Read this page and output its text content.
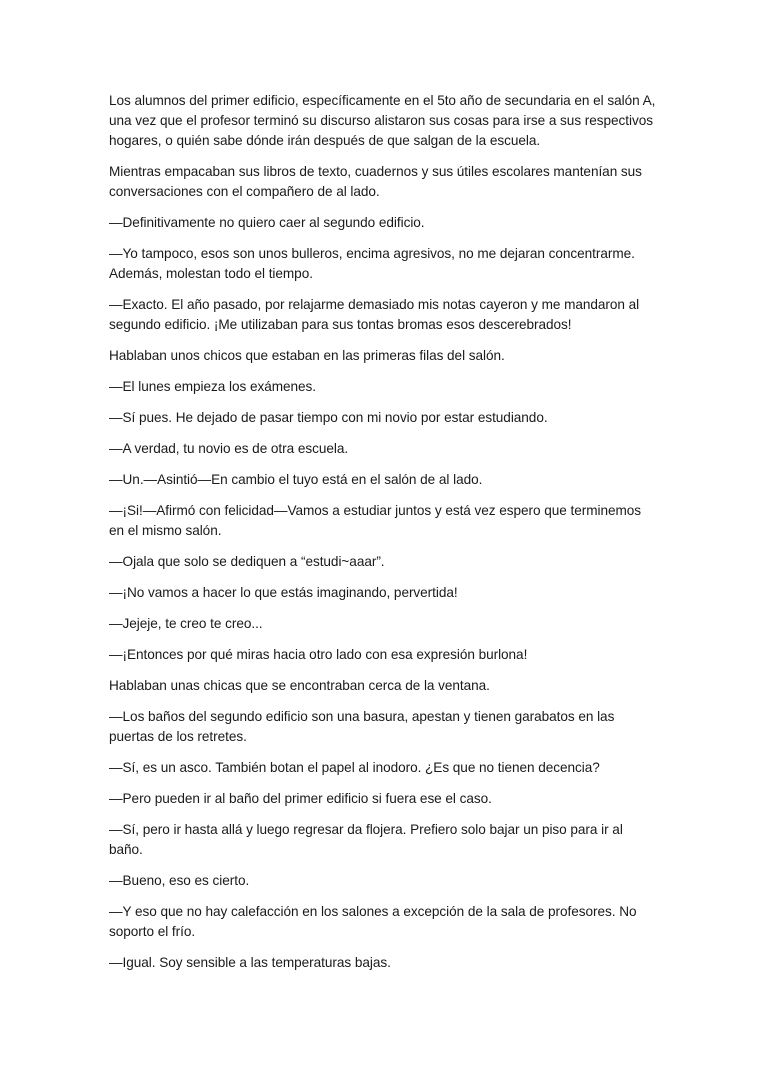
Los alumnos del primer edificio, específicamente en el 5to año de secundaria en el salón A, una vez que el profesor terminó su discurso alistaron sus cosas para irse a sus respectivos hogares, o quién sabe dónde irán después de que salgan de la escuela.

Mientras empacaban sus libros de texto, cuadernos y sus útiles escolares mantenían sus conversaciones con el compañero de al lado.

—Definitivamente no quiero caer al segundo edificio.

—Yo tampoco, esos son unos bulleros, encima agresivos, no me dejaran concentrarme. Además, molestan todo el tiempo.

—Exacto. El año pasado, por relajarme demasiado mis notas cayeron y me mandaron al segundo edificio. ¡Me utilizaban para sus tontas bromas esos descerebrados!

Hablaban unos chicos que estaban en las primeras filas del salón.

—El lunes empieza los exámenes.

—Sí pues. He dejado de pasar tiempo con mi novio por estar estudiando.

—A verdad, tu novio es de otra escuela.

—Un.—Asintió—En cambio el tuyo está en el salón de al lado.

—¡Si!—Afirmó con felicidad—Vamos a estudiar juntos y está vez espero que terminemos en el mismo salón.

—Ojala que solo se dediquen a “estudi~aaar”.

—¡No vamos a hacer lo que estás imaginando, pervertida!

—Jejeje, te creo te creo...

—¡Entonces por qué miras hacia otro lado con esa expresión burlona!

Hablaban unas chicas que se encontraban cerca de la ventana.

—Los baños del segundo edificio son una basura, apestan y tienen garabatos en las puertas de los retretes.

—Sí, es un asco. También botan el papel al inodoro. ¿Es que no tienen decencia?

—Pero pueden ir al baño del primer edificio si fuera ese el caso.

—Sí, pero ir hasta allá y luego regresar da flojera. Prefiero solo bajar un piso para ir al baño.

—Bueno, eso es cierto.

—Y eso que no hay calefacción en los salones a excepción de la sala de profesores. No soporto el frío.

—Igual. Soy sensible a las temperaturas bajas.
